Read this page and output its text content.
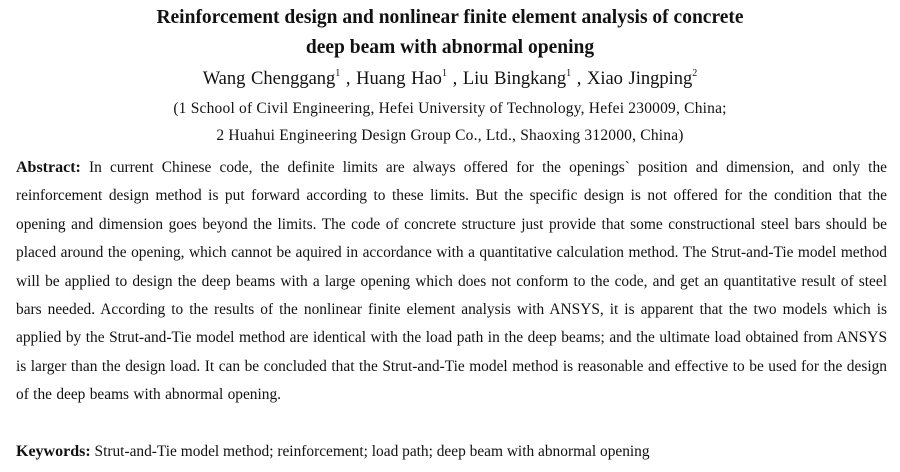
Reinforcement design and nonlinear finite element analysis of concrete
deep beam with abnormal opening
Wang Chenggang$^1$ , Huang Hao$^1$ , Liu Bingkang$^1$ , Xiao Jingping$^2$
(1 School of Civil Engineering, Hefei University of Technology, Hefei 230009, China;
2 Huahui Engineering Design Group Co., Ltd., Shaoxing 312000, China)

Abstract: In current Chinese code, the definite limits are always offered for the openings` position and dimension, and only the reinforcement design method is put forward according to these limits. But the specific design is not offered for the condition that the opening and dimension goes beyond the limits. The code of concrete structure just provide that some constructional steel bars should be placed around the opening, which cannot be aquired in accordance with a quantitative calculation method. The Strut-and-Tie model method will be applied to design the deep beams with a large opening which does not conform to the code, and get an quantitative result of steel bars needed. According to the results of the nonlinear finite element analysis with ANSYS, it is apparent that the two models which is applied by the Strut-and-Tie model method are identical with the load path in the deep beams; and the ultimate load obtained from ANSYS is larger than the design load. It can be concluded that the Strut-and-Tie model method is reasonable and effective to be used for the design of the deep beams with abnormal opening.

Keywords: Strut-and-Tie model method; reinforcement; load path; deep beam with abnormal opening
